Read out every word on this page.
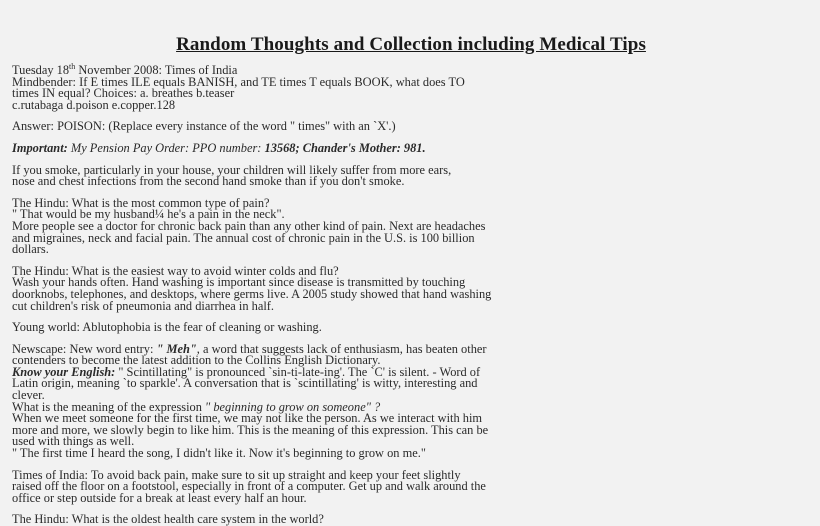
Random Thoughts and Collection including Medical Tips
Tuesday 18th November 2008: Times of India
Mindbender: If E times ILE equals BANISH, and TE times T equals BOOK, what does TO
times IN equal? Choices: a. breathes b.teaser
c.rutabaga d.poison e.copper.128
Answer: POISON: (Replace every instance of the word " times" with an `X'.)
Important: My Pension Pay Order: PPO number: 13568; Chander's Mother: 981.
If you smoke, particularly in your house, your children will likely suffer from more ears,
nose and chest infections from the second hand smoke than if you don't smoke.
The Hindu: What is the most common type of pain?
" That would be my husband¼ he's a pain in the neck".
More people see a doctor for chronic back pain than any other kind of pain. Next are headaches
and migraines, neck and facial pain. The annual cost of chronic pain in the U.S. is 100 billion
dollars.
The Hindu: What is the easiest way to avoid winter colds and flu?
Wash your hands often. Hand washing is important since disease is transmitted by touching
doorknobs, telephones, and desktops, where germs live. A 2005 study showed that hand washing
cut children's risk of pneumonia and diarrhea in half.
Young world: Ablutophobia is the fear of cleaning or washing.
Newscape: New word entry: " Meh", a word that suggests lack of enthusiasm, has beaten other
contenders to become the latest addition to the Collins English Dictionary.
Know your English: " Scintillating" is pronounced `sin-ti-late-ing'. The `C' is silent. - Word of
Latin origin, meaning `to sparkle'. A conversation that is `scintillating' is witty, interesting and
clever.
What is the meaning of the expression " beginning to grow on someone" ?
When we meet someone for the first time, we may not like the person. As we interact with him
more and more, we slowly begin to like him. This is the meaning of this expression. This can be
used with things as well.
" The first time I heard the song, I didn't like it. Now it's beginning to grow on me."
Times of India: To avoid back pain, make sure to sit up straight and keep your feet slightly
raised off the floor on a footstool, especially in front of a computer. Get up and walk around the
office or step outside for a break at least every half an hour.
The Hindu: What is the oldest health care system in the world?
